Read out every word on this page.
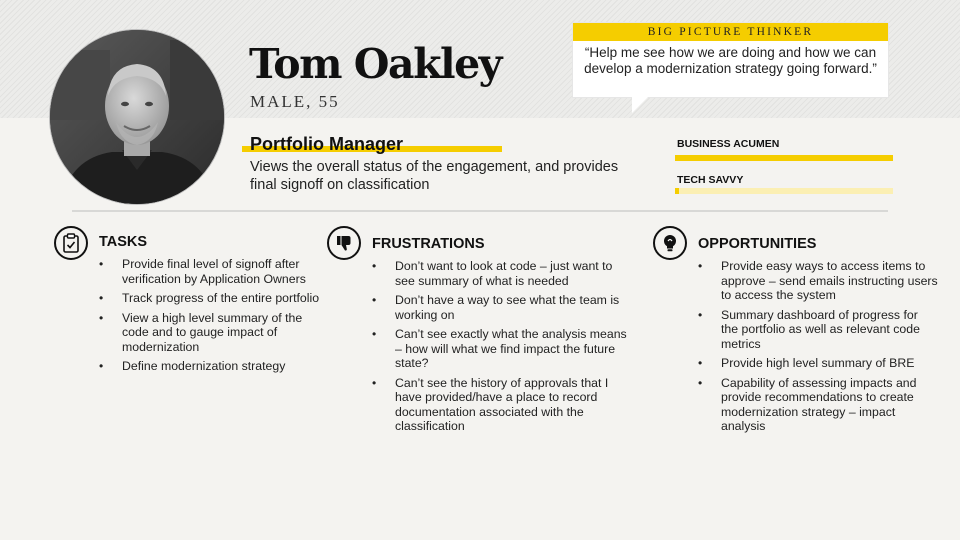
Tom Oakley
MALE, 55
Portfolio Manager
Views the overall status of the engagement, and provides final signoff on classification
BIG PICTURE THINKER
“Help me see how we are doing and how we can develop a modernization strategy going forward.”
BUSINESS ACUMEN
TECH SAVVY
TASKS
• Provide final level of signoff after verification by Application Owners
• Track progress of the entire portfolio
• View a high level summary of the code and to gauge impact of modernization
• Define modernization strategy
FRUSTRATIONS
• Don’t want to look at code – just want to see summary of what is needed
• Don’t have a way to see what the team is working on
• Can’t see exactly what the analysis means – how will what we find impact the future state?
• Can’t see the history of approvals that I have provided/have a place to record documentation associated with the classification
OPPORTUNITIES
• Provide easy ways to access items to approve – send emails instructing users to access the system
• Summary dashboard of progress for the portfolio as well as relevant code metrics
• Provide high level summary of BRE
• Capability of assessing impacts and provide recommendations to create modernization strategy – impact analysis
